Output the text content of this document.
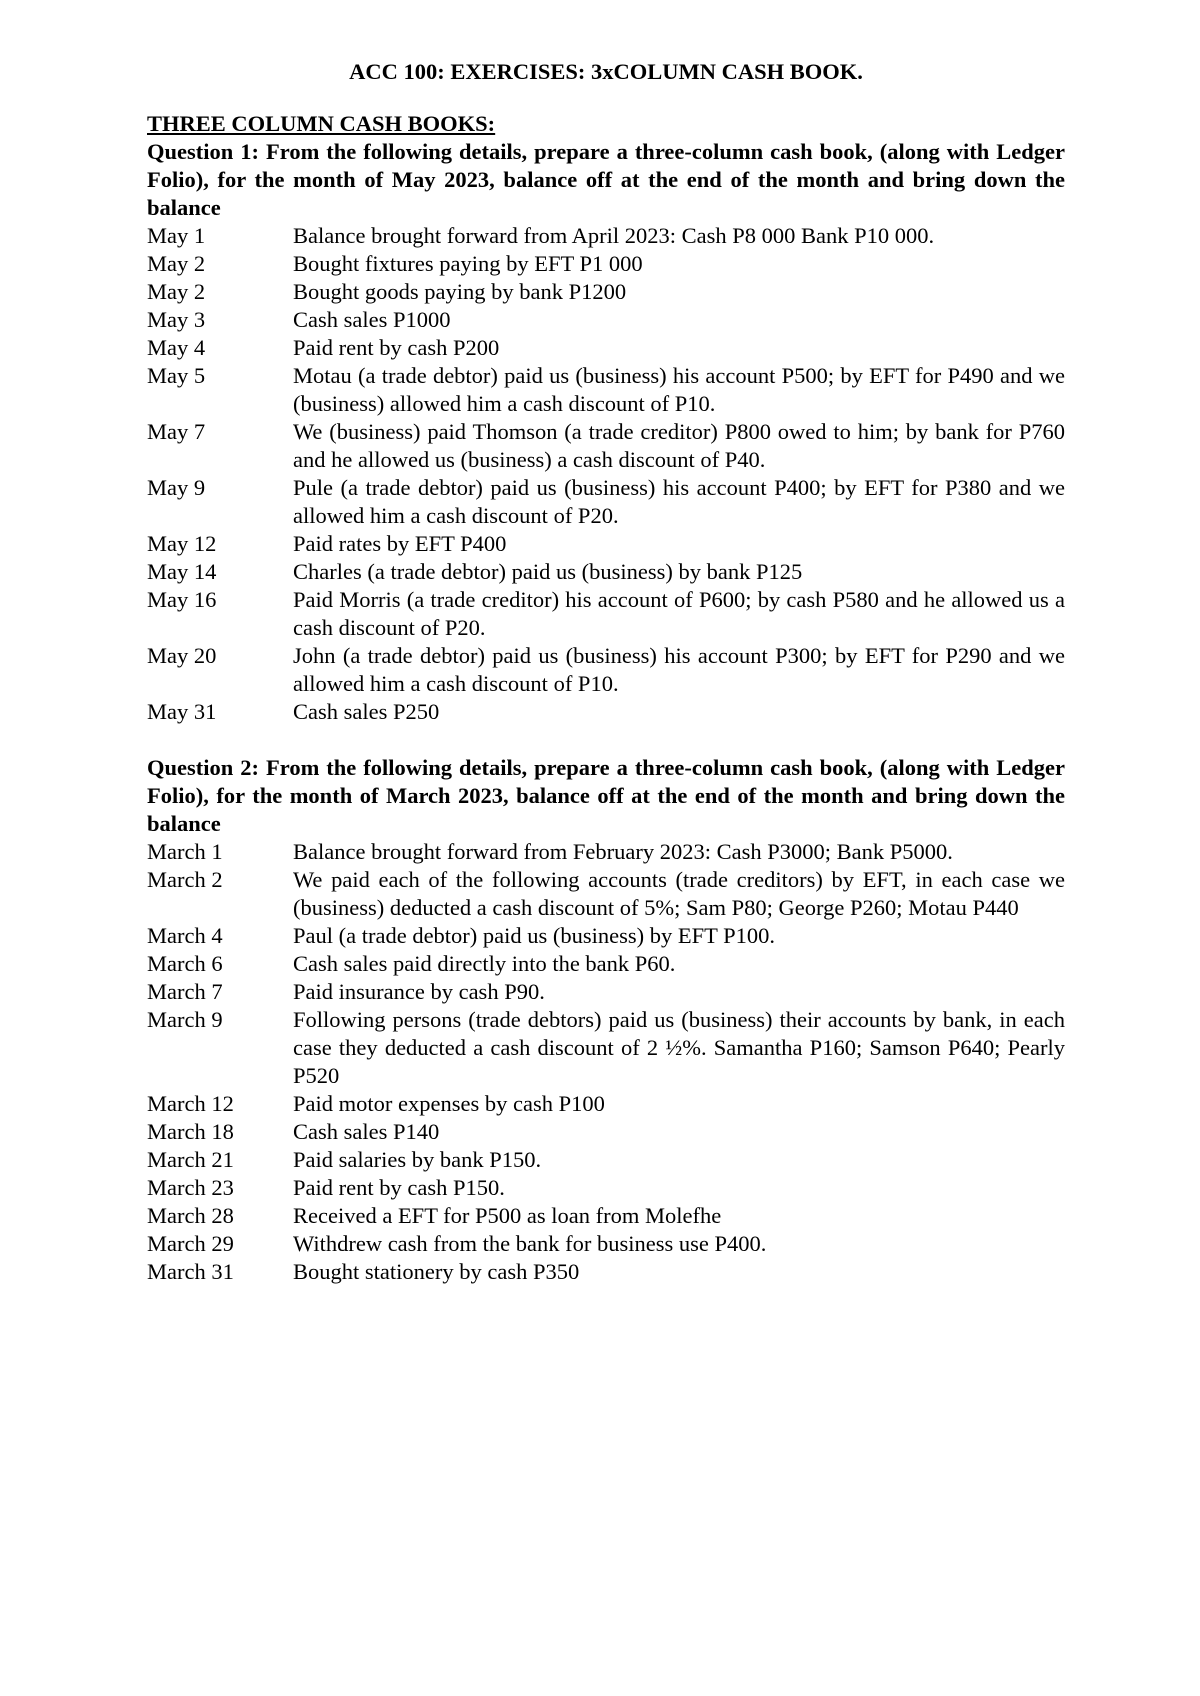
ACC 100: EXERCISES: 3xCOLUMN CASH BOOK.
THREE COLUMN CASH BOOKS:

Question 1: From the following details, prepare a three-column cash book, (along with Ledger Folio), for the month of May 2023, balance off at the end of the month and bring down the balance

May 1	Balance brought forward from April 2023: Cash P8 000 Bank P10 000.
May 2	Bought fixtures paying by EFT P1 000
May 2	Bought goods paying by bank P1200
May 3	Cash sales P1000
May 4	Paid rent by cash P200
May 5	Motau (a trade debtor) paid us (business) his account P500; by EFT for P490 and we (business) allowed him a cash discount of P10.
May 7	We (business) paid Thomson (a trade creditor) P800 owed to him; by bank for P760 and he allowed us (business) a cash discount of P40.
May 9	Pule (a trade debtor) paid us (business) his account P400; by EFT for P380 and we allowed him a cash discount of P20.
May 12	Paid rates by EFT P400
May 14	Charles (a trade debtor) paid us (business) by bank P125
May 16	Paid Morris (a trade creditor) his account of P600; by cash P580 and he allowed us a cash discount of P20.
May 20	John (a trade debtor) paid us (business) his account P300; by EFT for P290 and we allowed him a cash discount of P10.
May 31	Cash sales P250

Question 2: From the following details, prepare a three-column cash book, (along with Ledger Folio), for the month of March 2023, balance off at the end of the month and bring down the balance

March 1	Balance brought forward from February 2023: Cash P3000; Bank P5000.
March 2	We paid each of the following accounts (trade creditors) by EFT, in each case we (business) deducted a cash discount of 5%; Sam P80; George P260; Motau P440
March 4	Paul (a trade debtor) paid us (business) by EFT P100.
March 6	Cash sales paid directly into the bank P60.
March 7	Paid insurance by cash P90.
March 9	Following persons (trade debtors) paid us (business) their accounts by bank, in each case they deducted a cash discount of 2 ½%. Samantha P160; Samson P640; Pearly P520
March 12	Paid motor expenses by cash P100
March 18	Cash sales P140
March 21	Paid salaries by bank P150.
March 23	Paid rent by cash P150.
March 28	Received a EFT for P500 as loan from Molefhe
March 29	Withdrew cash from the bank for business use P400.
March 31	Bought stationery by cash P350
